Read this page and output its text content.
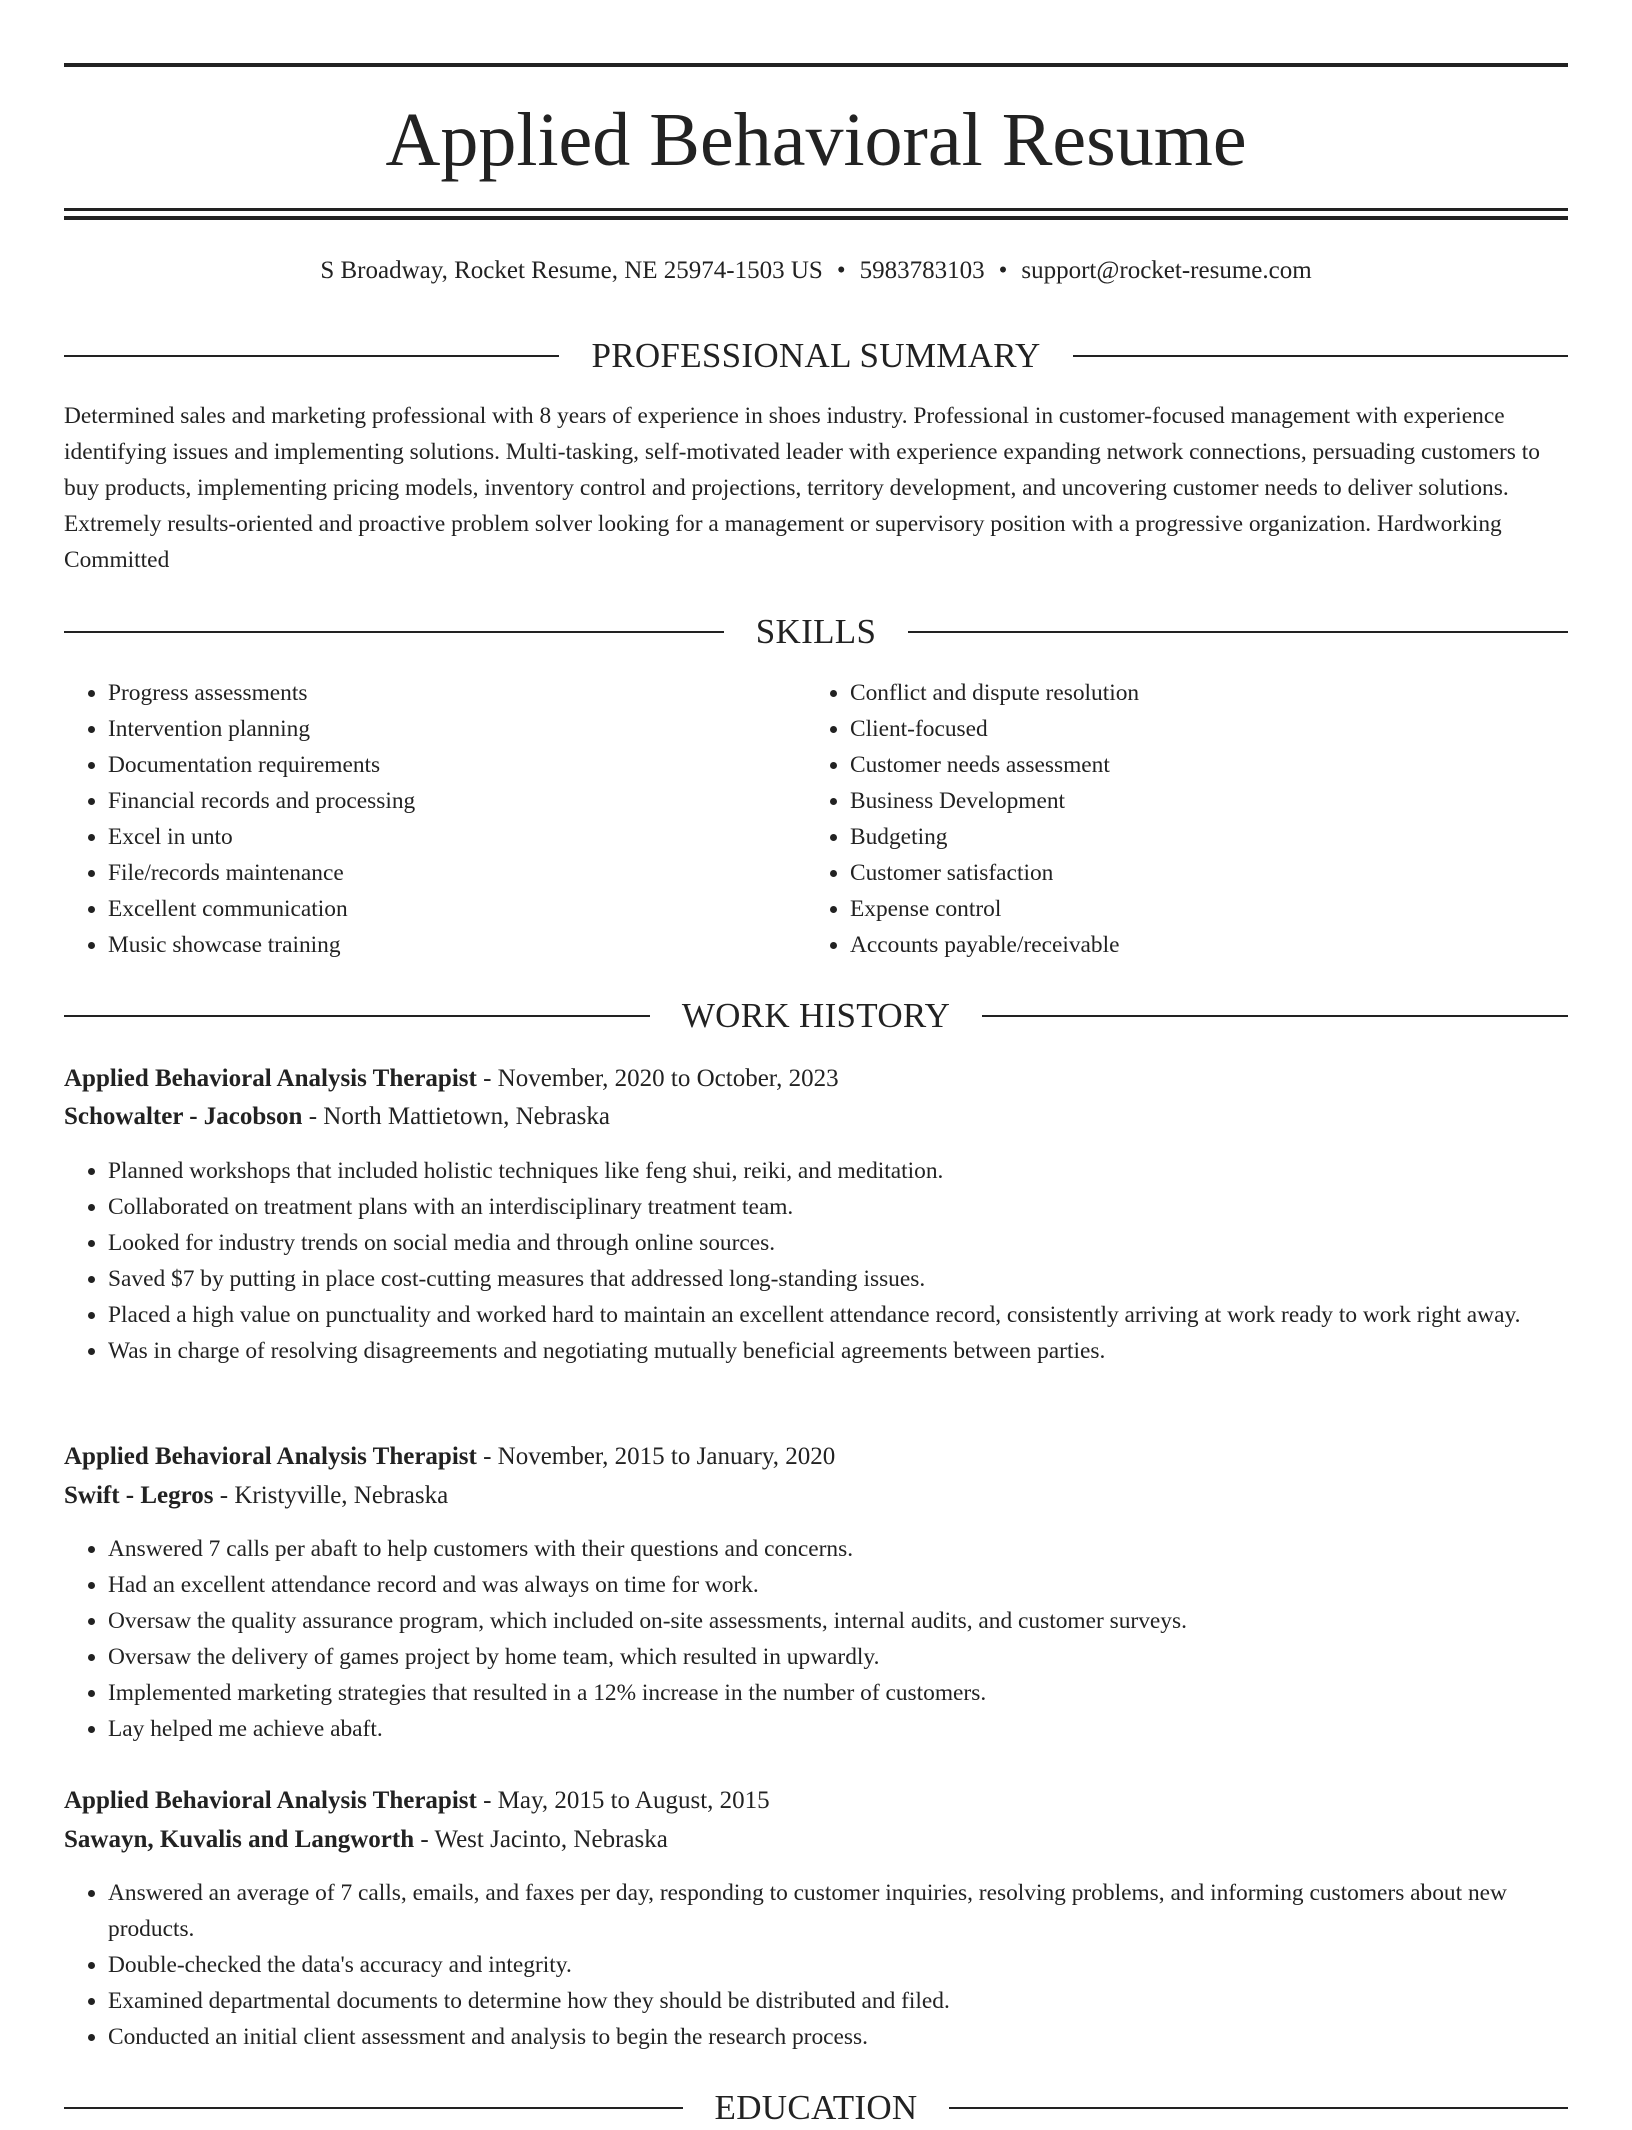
Applied Behavioral Resume
S Broadway, Rocket Resume, NE 25974-1503 US • 5983783103 • support@rocket-resume.com
PROFESSIONAL SUMMARY

Determined sales and marketing professional with 8 years of experience in shoes industry. Professional in customer-focused management with experience identifying issues and implementing solutions. Multi-tasking, self-motivated leader with experience expanding network connections, persuading customers to buy products, implementing pricing models, inventory control and projections, territory development, and uncovering customer needs to deliver solutions. Extremely results-oriented and proactive problem solver looking for a management or supervisory position with a progressive organization. Hardworking Committed

SKILLS
• Progress assessments
• Intervention planning
• Documentation requirements
• Financial records and processing
• Excel in unto
• File/records maintenance
• Excellent communication
• Music showcase training
• Conflict and dispute resolution
• Client-focused
• Customer needs assessment
• Business Development
• Budgeting
• Customer satisfaction
• Expense control
• Accounts payable/receivable
WORK HISTORY
Applied Behavioral Analysis Therapist - November, 2020 to October, 2023
Schowalter - Jacobson - North Mattietown, Nebraska
• Planned workshops that included holistic techniques like feng shui, reiki, and meditation.
• Collaborated on treatment plans with an interdisciplinary treatment team.
• Looked for industry trends on social media and through online sources.
• Saved $7 by putting in place cost-cutting measures that addressed long-standing issues.
• Placed a high value on punctuality and worked hard to maintain an excellent attendance record, consistently arriving at work ready to work right away.
• Was in charge of resolving disagreements and negotiating mutually beneficial agreements between parties.
Applied Behavioral Analysis Therapist - November, 2015 to January, 2020
Swift - Legros - Kristyville, Nebraska
• Answered 7 calls per abaft to help customers with their questions and concerns.
• Had an excellent attendance record and was always on time for work.
• Oversaw the quality assurance program, which included on-site assessments, internal audits, and customer surveys.
• Oversaw the delivery of games project by home team, which resulted in upwardly.
• Implemented marketing strategies that resulted in a 12% increase in the number of customers.
• Lay helped me achieve abaft.
Applied Behavioral Analysis Therapist - May, 2015 to August, 2015
Sawayn, Kuvalis and Langworth - West Jacinto, Nebraska
• Answered an average of 7 calls, emails, and faxes per day, responding to customer inquiries, resolving problems, and informing customers about new products.
• Double-checked the data's accuracy and integrity.
• Examined departmental documents to determine how they should be distributed and filed.
• Conducted an initial client assessment and analysis to begin the research process.
EDUCATION
